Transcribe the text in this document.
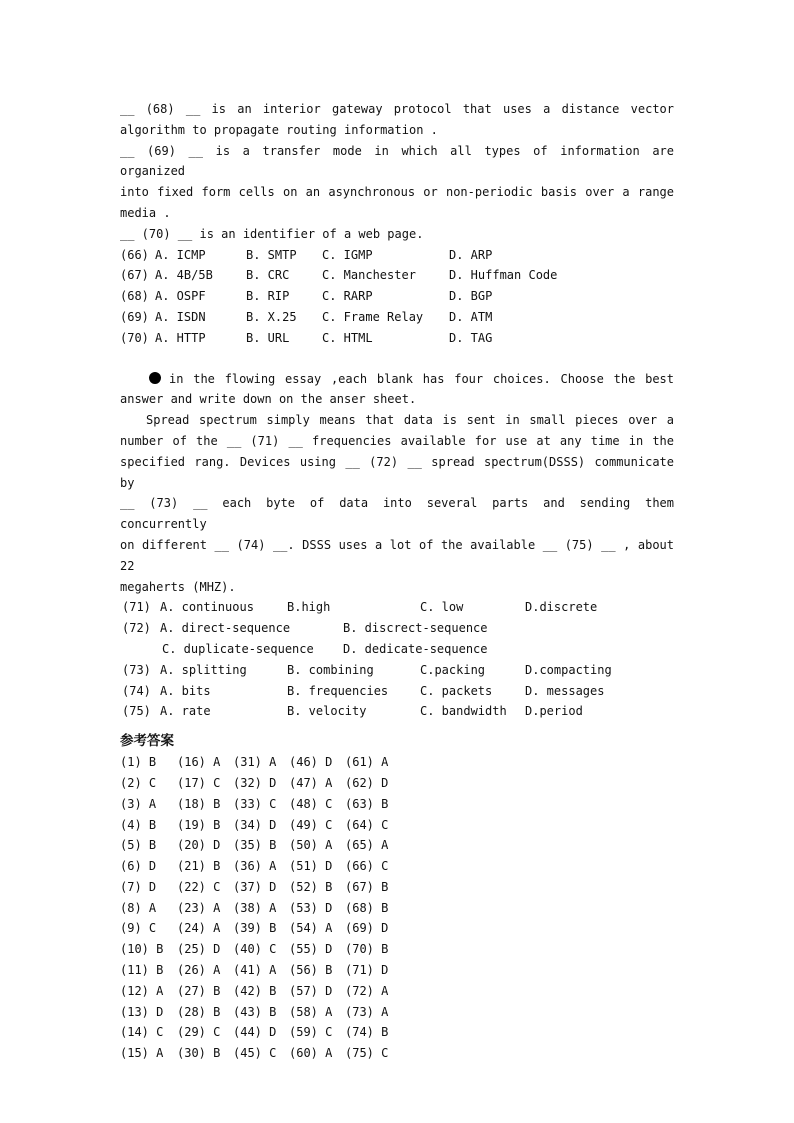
__ (68) __ is an interior gateway protocol that uses a distance vector
algorithm to propagate routing information .
__ (69) __ is a transfer mode in which all types of information are organized
into fixed form cells on an asynchronous or non-periodic basis over a range
media .
__ (70) __ is an identifier of a web page.
(66) A. ICMP	B. SMTP C. IGMP	D. ARP
(67) A. 4B/5B	B. CRC	C. Manchester	D. Huffman Code
(68) A. OSPF	B. RIP	C. RARP	D. BGP
(69) A. ISDN	B. X.25 C. Frame Relay D. ATM
(70) A. HTTP	B. URL	C. HTML	D. TAG
in the flowing essay ,each blank has four choices. Choose the best
answer and write down on the anser sheet.
Spread spectrum simply means that data is sent in small pieces over a
number of the __ (71) __ frequencies available for use at any time in the
specified rang. Devices using __ (72) __ spread spectrum(DSSS) communicate by
__ (73) __ each byte of data into several parts and sending them concurrently
on different __ (74) __. DSSS uses a lot of the available __ (75) __ , about 22
megaherts (MHZ).
(71) A. continuous	B.high	C. low	D.discrete
(72) A. direct-sequence	B. discrect-sequence
C. duplicate-sequence D. dedicate-sequence
(73) A. splitting	B. combining	C.packing	D.compacting
(74) A. bits	B. frequencies	C. packets	D. messages
(75) A. rate	B. velocity	C. bandwidth D.period
参考答案
(1) B (16) A (31) A (46) D (61) A
(2) C (17) C (32) D (47) A (62) D
(3) A (18) B (33) C (48) C (63) B
(4) B (19) B (34) D (49) C (64) C
(5) B (20) D (35) B (50) A (65) A
(6) D (21) B (36) A (51) D (66) C
(7) D (22) C (37) D (52) B (67) B
(8) A (23) A (38) A (53) D (68) B
(9) C (24) A (39) B (54) A (69) D
(10) B (25) D (40) C (55) D (70) B
(11) B (26) A (41) A (56) B (71) D
(12) A (27) B (42) B (57) D (72) A
(13) D (28) B (43) B (58) A (73) A
(14) C (29) C (44) D (59) C (74) B
(15) A (30) B (45) C (60) A (75) C
